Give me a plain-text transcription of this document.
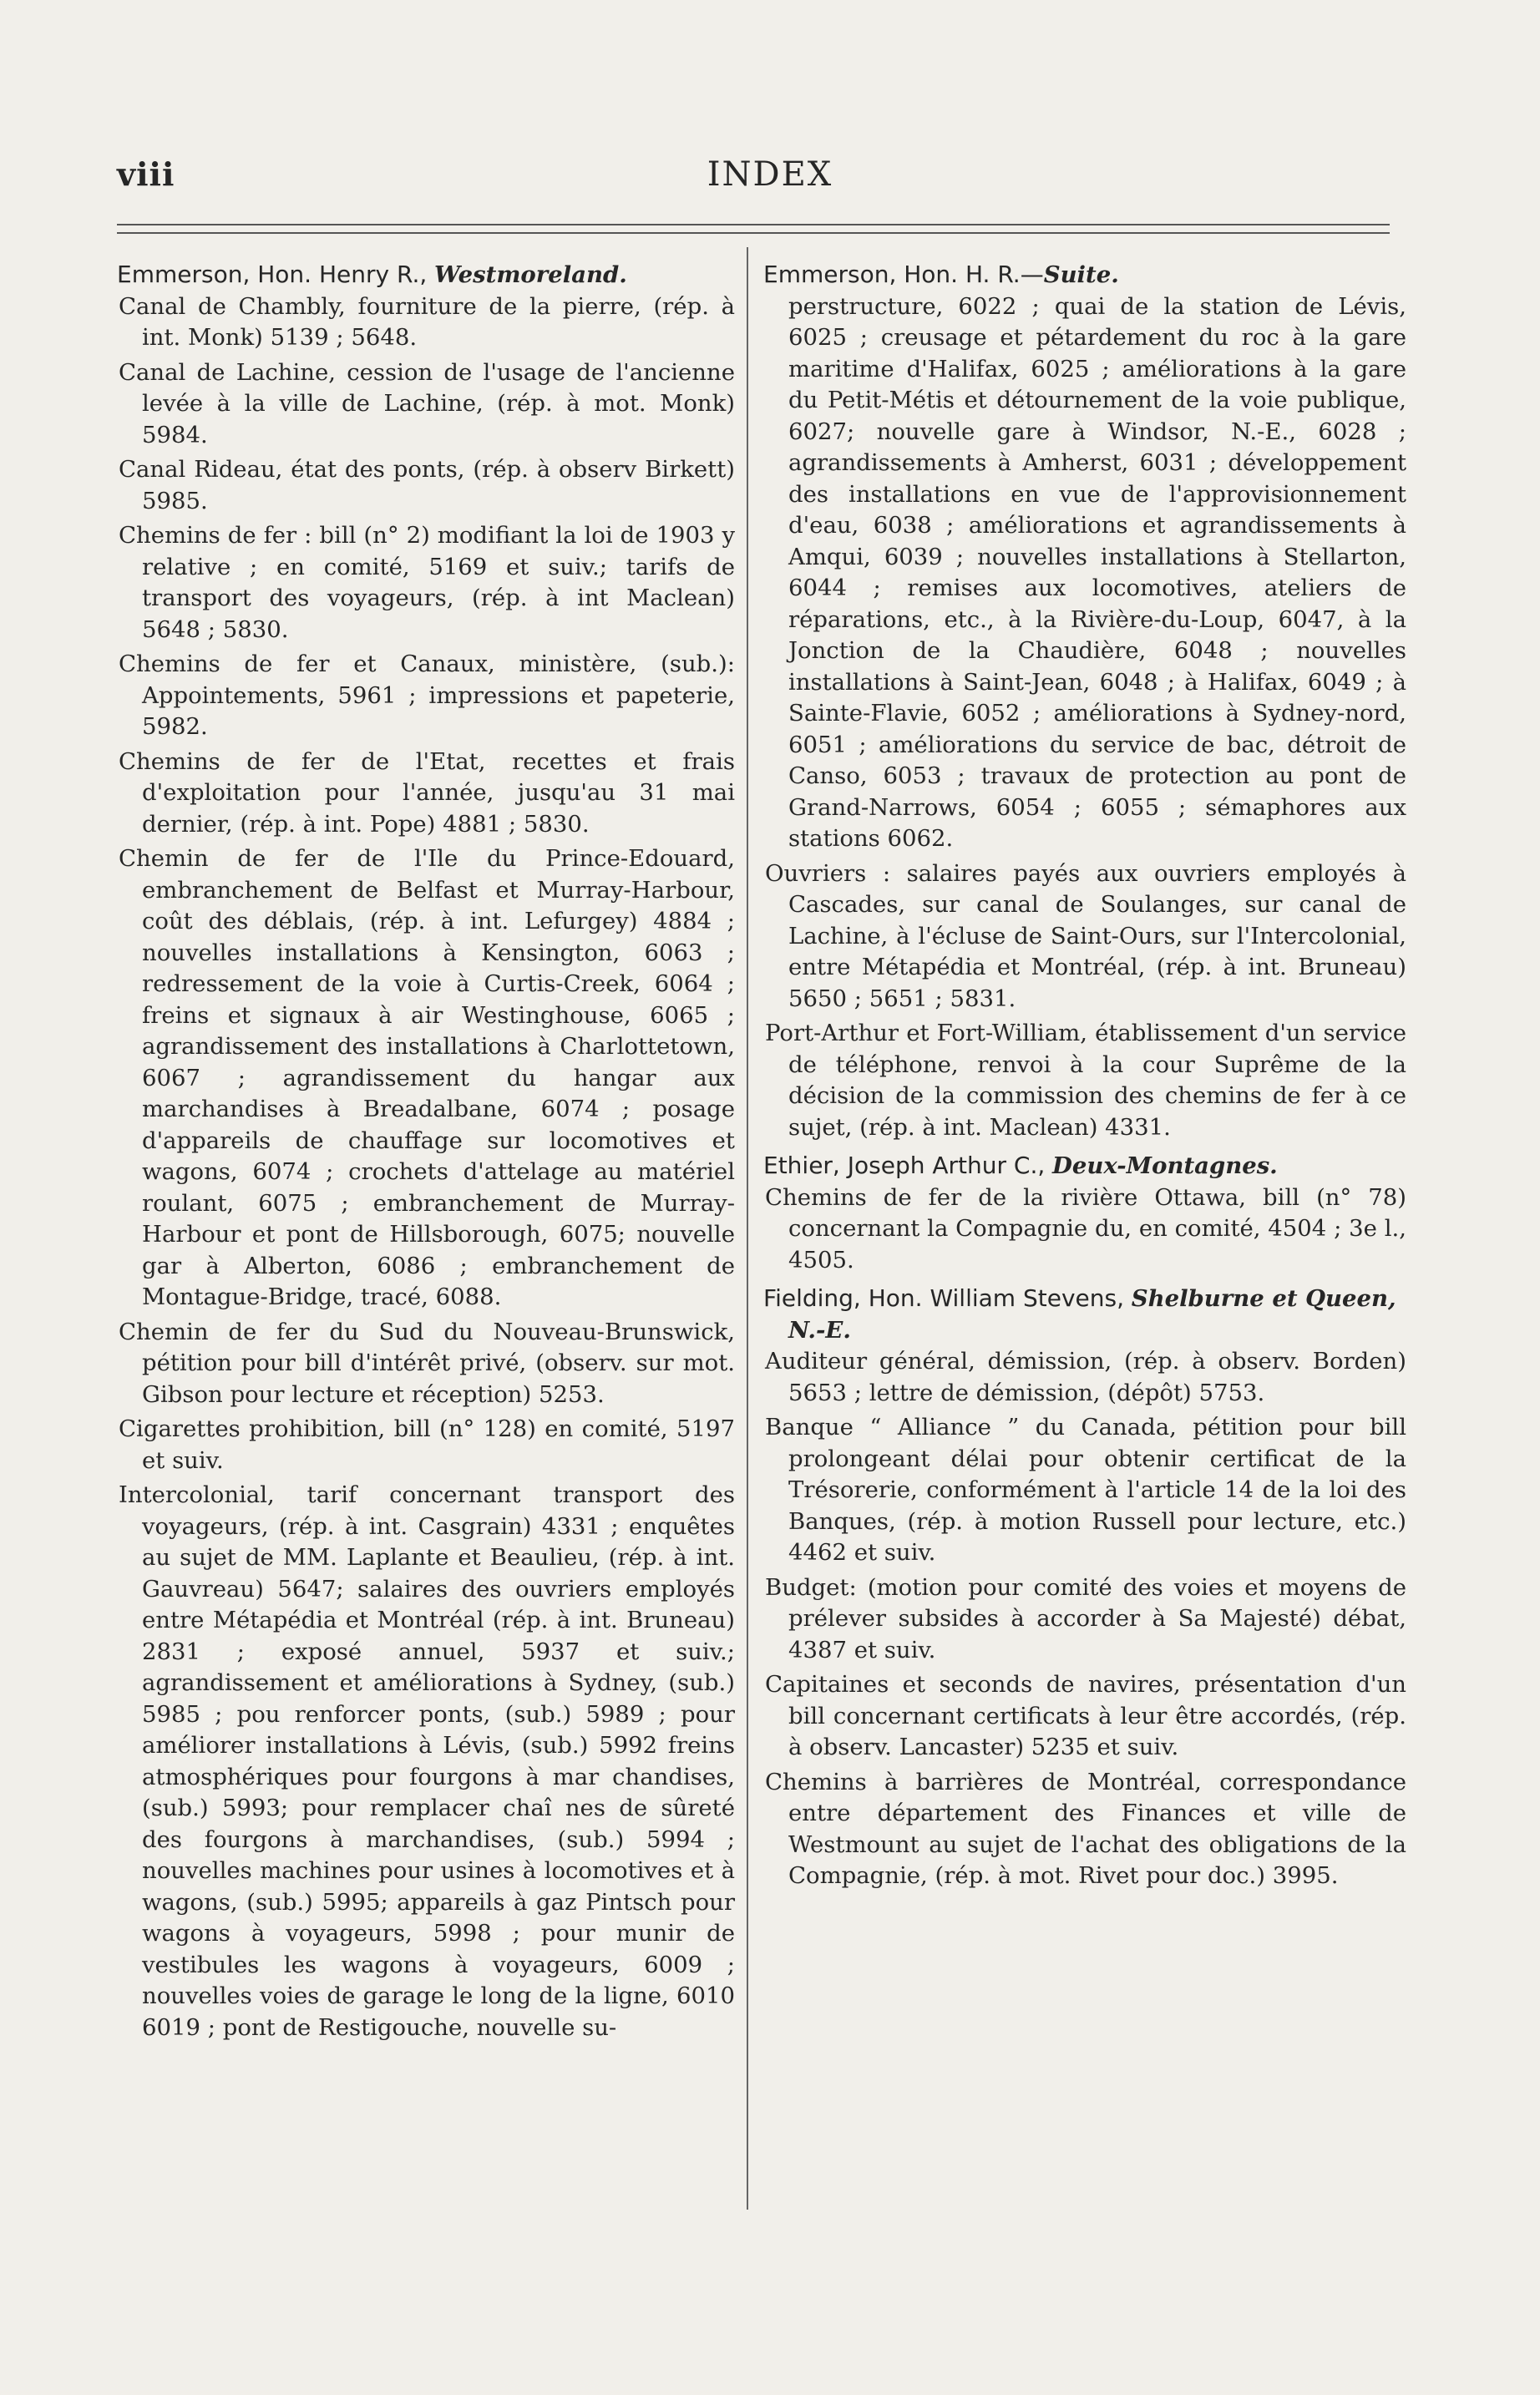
viii	INDEX

Emmerson, Hon. Henry R., Westmoreland.

Canal de Chambly, fourniture de la pierre, (rép. à int. Monk) 5139 ; 5648.

Canal de Lachine, cession de l'usage de l'ancienne levée à la ville de Lachine, (rép. à mot. Monk) 5984.

Canal Rideau, état des ponts, (rép. à observ Birkett) 5985.

Chemins de fer : bill (n° 2) modifiant la loi de 1903 y relative ; en comité, 5169 et suiv.; tarifs de transport des voyageurs, (rép. à int Maclean) 5648 ; 5830.

Chemins de fer et Canaux, ministère, (sub.): Appointements, 5961 ; impressions et papeterie, 5982.

Chemins de fer de l'Etat, recettes et frais d'exploitation pour l'année, jusqu'au 31 mai dernier, (rép. à int. Pope) 4881 ; 5830.

Chemin de fer de l'Ile du Prince-Edouard, embranchement de Belfast et Murray-Harbour, coût des déblais, (rép. à int. Lefurgey) 4884 ; nouvelles installations à Kensington, 6063 ; redressement de la voie à Curtis-Creek, 6064 ; freins et signaux à air Westinghouse, 6065 ; agrandissement des installations à Charlottetown, 6067 ; agrandissement du hangar aux marchandises à Breadalbane, 6074 ; posage d'appareils de chauffage sur locomotives et wagons, 6074 ; crochets d'attelage au matériel roulant, 6075 ; embranchement de Murray-Harbour et pont de Hillsborough, 6075; nouvelle gar à Alberton, 6086 ; embranchement de Montague-Bridge, tracé, 6088.

Chemin de fer du Sud du Nouveau-Brunswick, pétition pour bill d'intérêt privé, (observ. sur mot. Gibson pour lecture et réception) 5253.

Cigarettes prohibition, bill (n° 128) en comité, 5197 et suiv.

Intercolonial, tarif concernant transport des voyageurs, (rép. à int. Casgrain) 4331 ; enquêtes au sujet de MM. Laplante et Beaulieu, (rép. à int. Gauvreau) 5647; salaires des ouvriers employés entre Métapédia et Montréal (rép. à int. Bruneau) 2831 ; exposé annuel, 5937 et suiv.; agrandissement et améliorations à Sydney, (sub.) 5985 ; pou renforcer ponts, (sub.) 5989 ; pour améliorer installations à Lévis, (sub.) 5992 freins atmosphériques pour fourgons à mar chandises, (sub.) 5993; pour remplacer chaî nes de sûreté des fourgons à marchandises, (sub.) 5994 ; nouvelles machines pour usines à locomotives et à wagons, (sub.) 5995; appareils à gaz Pintsch pour wagons à voyageurs, 5998 ; pour munir de vestibules les wagons à voyageurs, 6009 ; nouvelles voies de garage le long de la ligne, 6010 6019 ; pont de Restigouche, nouvelle su-

Emmerson, Hon. H. R.—Suite.

perstructure, 6022 ; quai de la station de Lévis, 6025 ; creusage et pétardement du roc à la gare maritime d'Halifax, 6025 ; améliorations à la gare du Petit-Métis et détournement de la voie publique, 6027; nouvelle gare à Windsor, N.-E., 6028 ; agrandissements à Amherst, 6031 ; développement des installations en vue de l'approvisionnement d'eau, 6038 ; améliorations et agrandissements à Amqui, 6039 ; nouvelles installations à Stellarton, 6044 ; remises aux locomotives, ateliers de réparations, etc., à la Rivière-du-Loup, 6047, à la Jonction de la Chaudière, 6048 ; nouvelles installations à Saint-Jean, 6048 ; à Halifax, 6049 ; à Sainte-Flavie, 6052 ; améliorations à Sydney-nord, 6051 ; améliorations du service de bac, détroit de Canso, 6053 ; travaux de protection au pont de Grand-Narrows, 6054 ; 6055 ; sémaphores aux stations 6062.

Ouvriers : salaires payés aux ouvriers employés à Cascades, sur canal de Soulanges, sur canal de Lachine, à l'écluse de Saint-Ours, sur l'Intercolonial, entre Métapédia et Montréal, (rép. à int. Bruneau) 5650 ; 5651 ; 5831.

Port-Arthur et Fort-William, établissement d'un service de téléphone, renvoi à la cour Suprême de la décision de la commission des chemins de fer à ce sujet, (rép. à int. Maclean) 4331.

Ethier, Joseph Arthur C., Deux-Montagnes.

Chemins de fer de la rivière Ottawa, bill (n° 78) concernant la Compagnie du, en comité, 4504 ; 3e l., 4505.

Fielding, Hon. William Stevens, Shelburne et Queen, N.-E.

Auditeur général, démission, (rép. à observ. Borden) 5653 ; lettre de démission, (dépôt) 5753.

Banque “ Alliance ” du Canada, pétition pour bill prolongeant délai pour obtenir certificat de la Trésorerie, conformément à l'article 14 de la loi des Banques, (rép. à motion Russell pour lecture, etc.) 4462 et suiv.

Budget: (motion pour comité des voies et moyens de prélever subsides à accorder à Sa Majesté) débat, 4387 et suiv.

Capitaines et seconds de navires, présentation d'un bill concernant certificats à leur être accordés, (rép. à observ. Lancaster) 5235 et suiv.

Chemins à barrières de Montréal, correspondance entre département des Finances et ville de Westmount au sujet de l'achat des obligations de la Compagnie, (rép. à mot. Rivet pour doc.) 3995.
